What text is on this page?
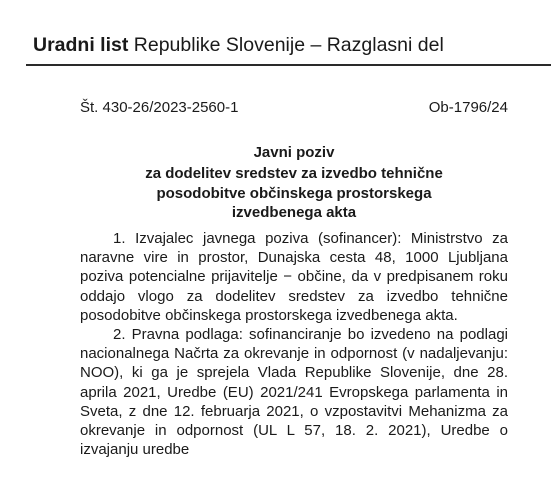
Uradni list Republike Slovenije – Razglasni del
Št. 430-26/2023-2560-1	Ob-1796/24
Javni poziv
za dodelitev sredstev za izvedbo tehnične posodobitve občinskega prostorskega izvedbenega akta

1. Izvajalec javnega poziva (sofinancer): Ministrstvo za naravne vire in prostor, Dunajska cesta 48, 1000 Ljubljana poziva potencialne prijavitelje − občine, da v predpisanem roku oddajo vlogo za dodelitev sredstev za izvedbo tehnične posodobitve občinskega prostorskega izvedbenega akta.

2. Pravna podlaga: sofinanciranje bo izvedeno na podlagi nacionalnega Načrta za okrevanje in odpornost (v nadaljevanju: NOO), ki ga je sprejela Vlada Republike Slovenije, dne 28. aprila 2021, Uredbe (EU) 2021/241 Evropskega parlamenta in Sveta, z dne 12. februarja 2021, o vzpostavitvi Mehanizma za okrevanje in odpornost (UL L 57, 18. 2. 2021), Uredbe o izvajanju uredbe
